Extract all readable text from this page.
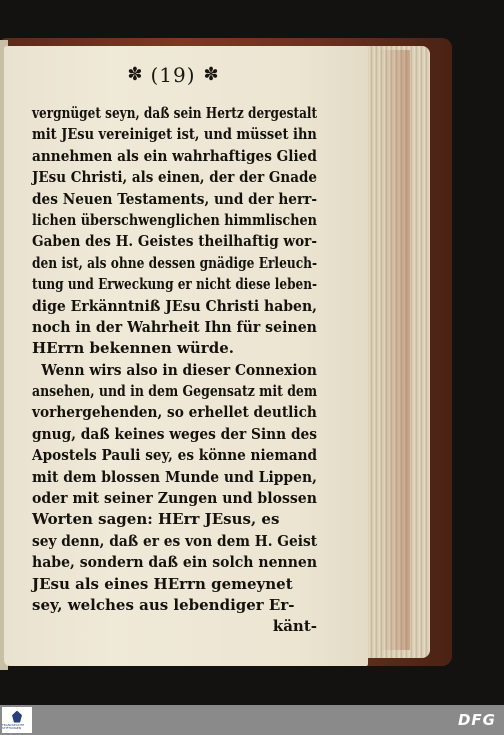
✽ (19) ✽
vergnüget seyn, daß sein Hertz dergestalt
mit JEsu vereiniget ist, und müsset ihn
annehmen als ein wahrhaftiges Glied
JEsu Christi, als einen, der der Gnade
des Neuen Testaments, und der herr-
lichen überschwenglichen himmlischen
Gaben des H. Geistes theilhaftig wor-
den ist, als ohne dessen gnädige Erleuch-
tung und Erweckung er nicht diese leben-
dige Erkänntniß JEsu Christi haben,
noch in der Wahrheit Ihn für seinen
HErrn bekennen würde.
Wenn wirs also in dieser Connexion
ansehen, und in dem Gegensatz mit dem
vorhergehenden, so erhellet deutlich
gnug, daß keines weges der Sinn des
Apostels Pauli sey, es könne niemand
mit dem blossen Munde und Lippen,
oder mit seiner Zungen und blossen
Worten sagen: HErr JEsus, es
sey denn, daß er es von dem H. Geist
habe, sondern daß ein solch nennen
JEsu als eines HErrn gemeynet
sey, welches aus lebendiger Er-
känt-
FRANCKESCHE STIFTUNGEN	DFG
